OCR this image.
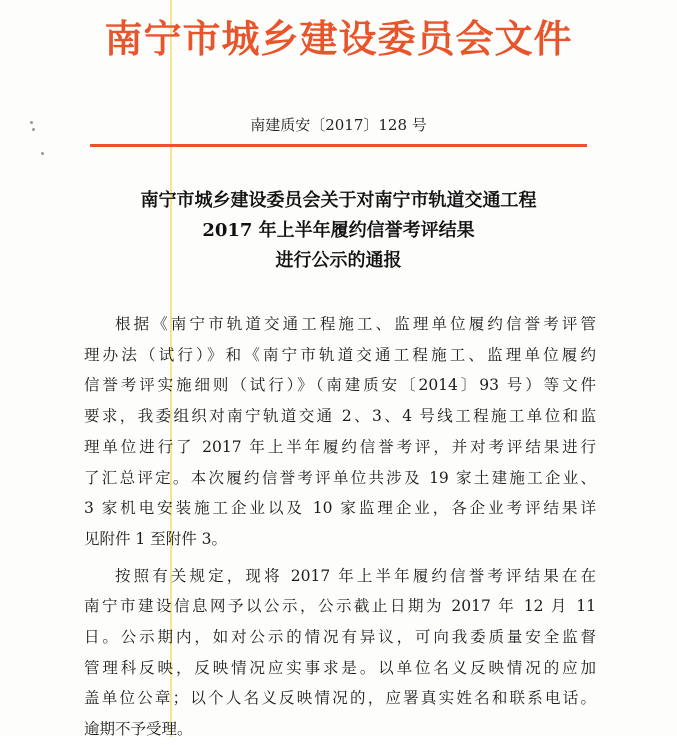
南宁市城乡建设委员会文件
南建质安〔2017〕128 号
南宁市城乡建设委员会关于对南宁市轨道交通工程
2017 年上半年履约信誉考评结果
进行公示的通报
根据《南宁市轨道交通工程施工、监理单位履约信誉考评管
理办法（试行）》和《南宁市轨道交通工程施工、监理单位履约
信誉考评实施细则（试行）》（南建质安〔2014〕93 号）等文件
要求，我委组织对南宁轨道交通 2、3、4 号线工程施工单位和监
理单位进行了 2017 年上半年履约信誉考评，并对考评结果进行
了汇总评定。本次履约信誉考评单位共涉及 19 家土建施工企业、
3 家机电安装施工企业以及 10 家监理企业，各企业考评结果详
见附件 1 至附件 3。
按照有关规定，现将 2017 年上半年履约信誉考评结果在在
南宁市建设信息网予以公示，公示截止日期为 2017 年 12 月 11
日。公示期内，如对公示的情况有异议，可向我委质量安全监督
管理科反映，反映情况应实事求是。以单位名义反映情况的应加
盖单位公章；以个人名义反映情况的，应署真实姓名和联系电话。
逾期不予受理。
